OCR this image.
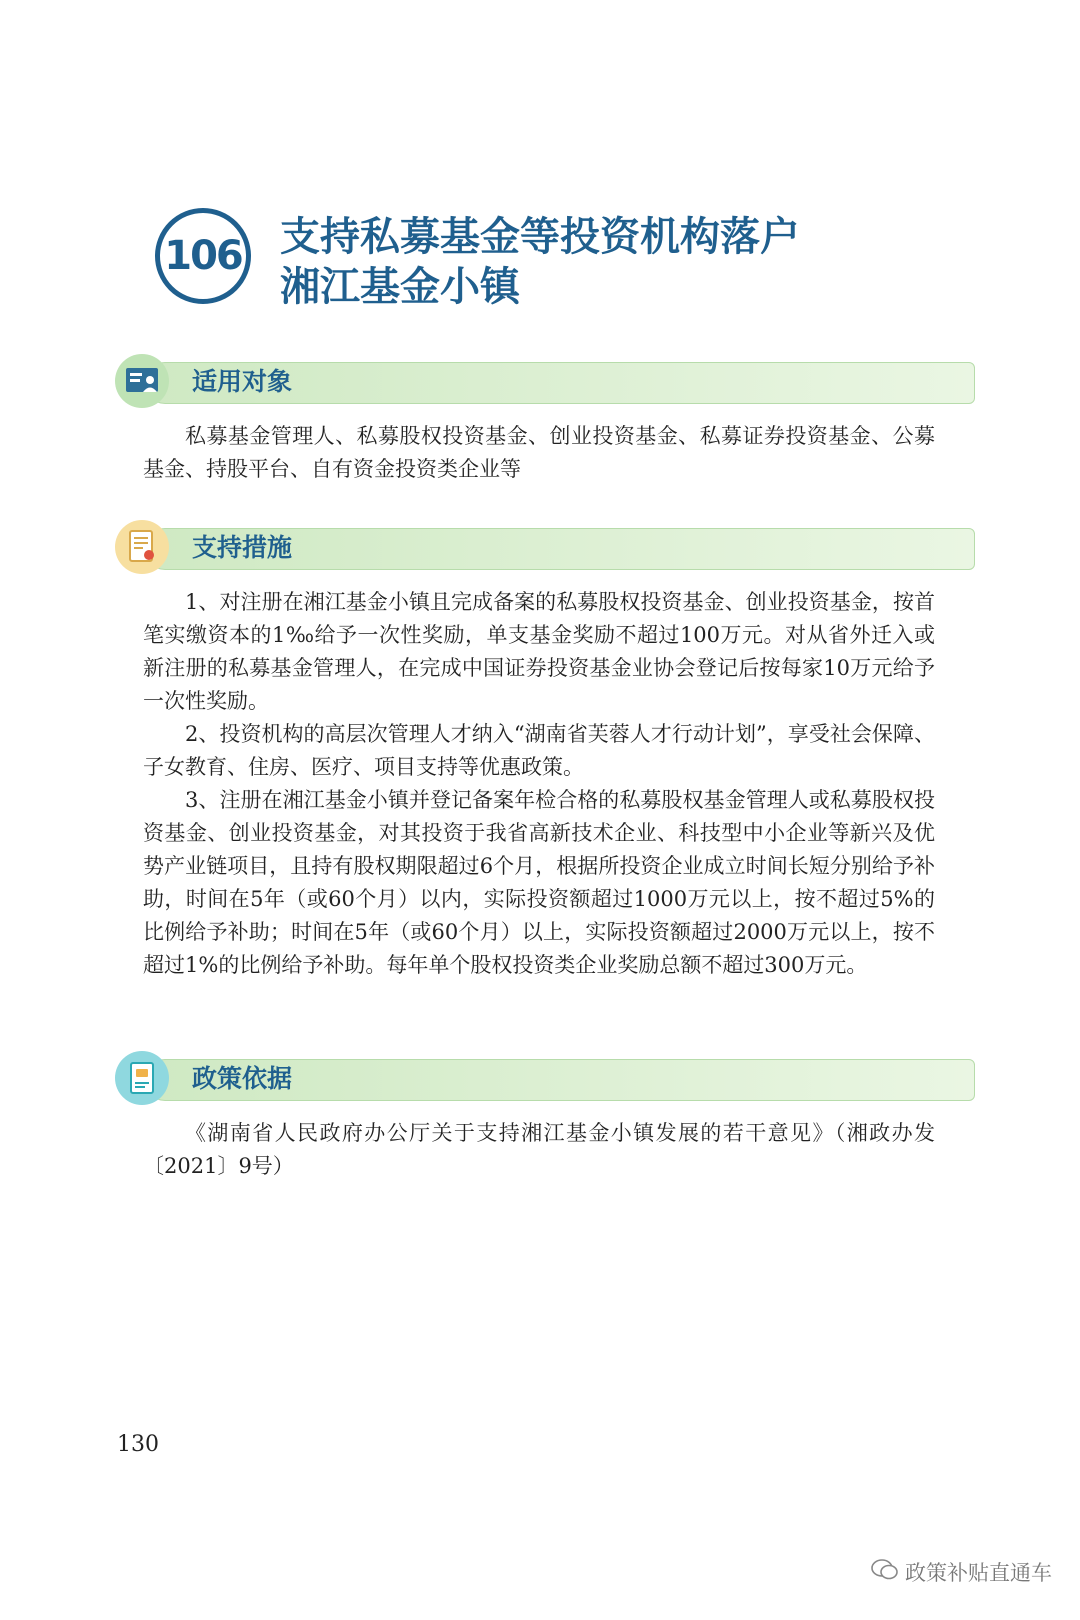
106 支持私募基金等投资机构落户
湘江基金小镇
适用对象

私募基金管理人、私募股权投资基金、创业投资基金、私募证券投资基金、公募基金、持股平台、自有资金投资类企业等

支持措施

1、对注册在湘江基金小镇且完成备案的私募股权投资基金、创业投资基金，按首笔实缴资本的1‰给予一次性奖励，单支基金奖励不超过100万元。对从省外迁入或新注册的私募基金管理人，在完成中国证券投资基金业协会登记后按每家10万元给予一次性奖励。

2、投资机构的高层次管理人才纳入“湖南省芙蓉人才行动计划”，享受社会保障、子女教育、住房、医疗、项目支持等优惠政策。

3、注册在湘江基金小镇并登记备案年检合格的私募股权基金管理人或私募股权投资基金、创业投资基金，对其投资于我省高新技术企业、科技型中小企业等新兴及优势产业链项目，且持有股权期限超过6个月，根据所投资企业成立时间长短分别给予补助，时间在5年（或60个月）以内，实际投资额超过1000万元以上，按不超过5%的比例给予补助；时间在5年（或60个月）以上，实际投资额超过2000万元以上，按不超过1%的比例给予补助。每年单个股权投资类企业奖励总额不超过300万元。

政策依据

《湖南省人民政府办公厅关于支持湘江基金小镇发展的若干意见》（湘政办发〔2021〕9号）

130
政策补贴直通车
